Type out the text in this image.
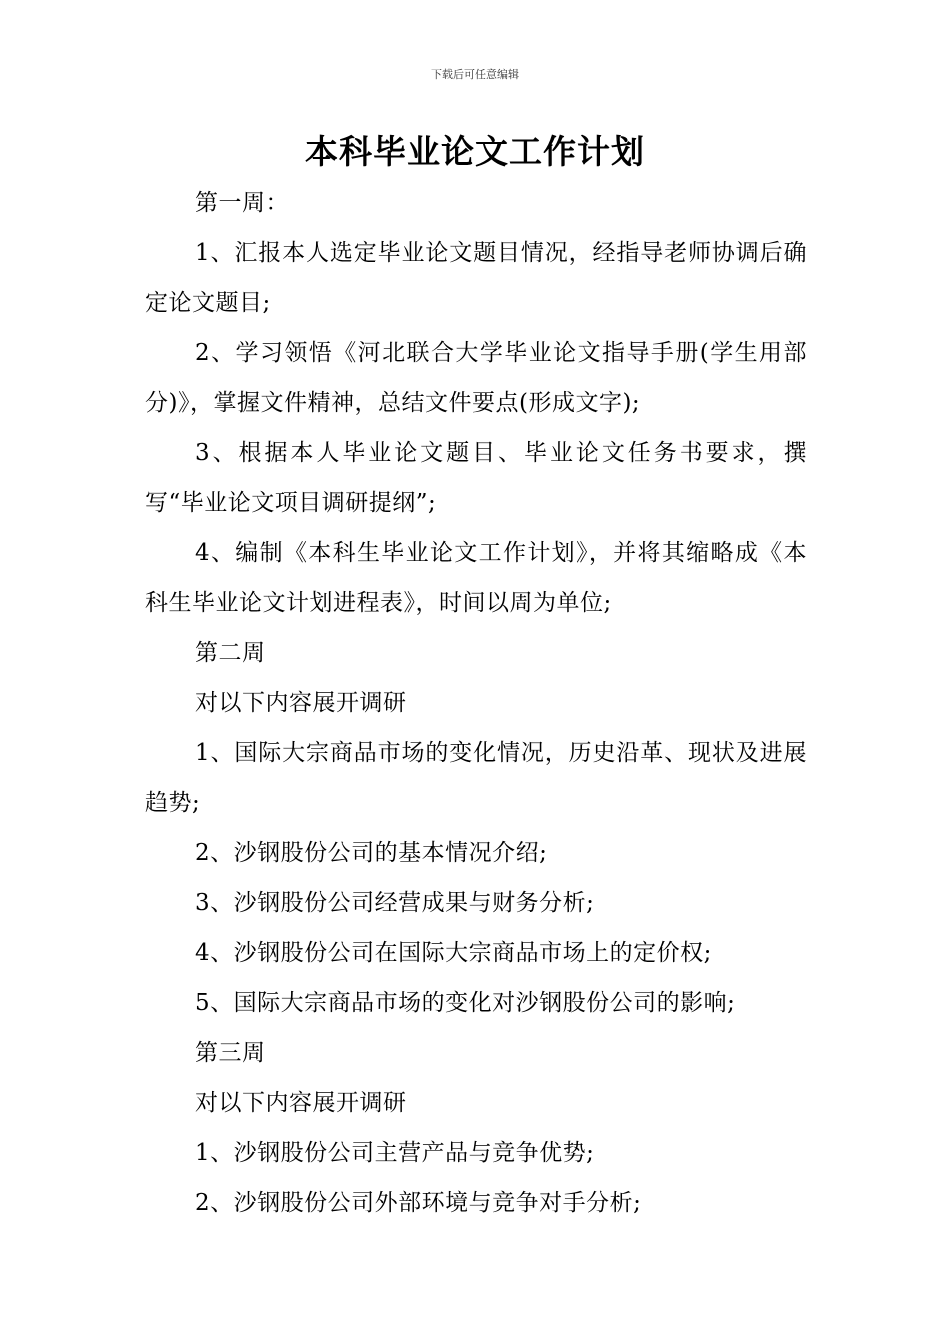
下载后可任意编辑
本科毕业论文工作计划

第一周：

1、汇报本人选定毕业论文题目情况，经指导老师协调后确定论文题目;

2、学习领悟《河北联合大学毕业论文指导手册(学生用部分)》，掌握文件精神，总结文件要点(形成文字);

3、根据本人毕业论文题目、毕业论文任务书要求，撰写“毕业论文项目调研提纲”;

4、编制《本科生毕业论文工作计划》，并将其缩略成《本科生毕业论文计划进程表》，时间以周为单位;

第二周

对以下内容展开调研

1、国际大宗商品市场的变化情况，历史沿革、现状及进展趋势;

2、沙钢股份公司的基本情况介绍;

3、沙钢股份公司经营成果与财务分析;

4、沙钢股份公司在国际大宗商品市场上的定价权;

5、国际大宗商品市场的变化对沙钢股份公司的影响;

第三周

对以下内容展开调研

1、沙钢股份公司主营产品与竞争优势;

2、沙钢股份公司外部环境与竞争对手分析;
